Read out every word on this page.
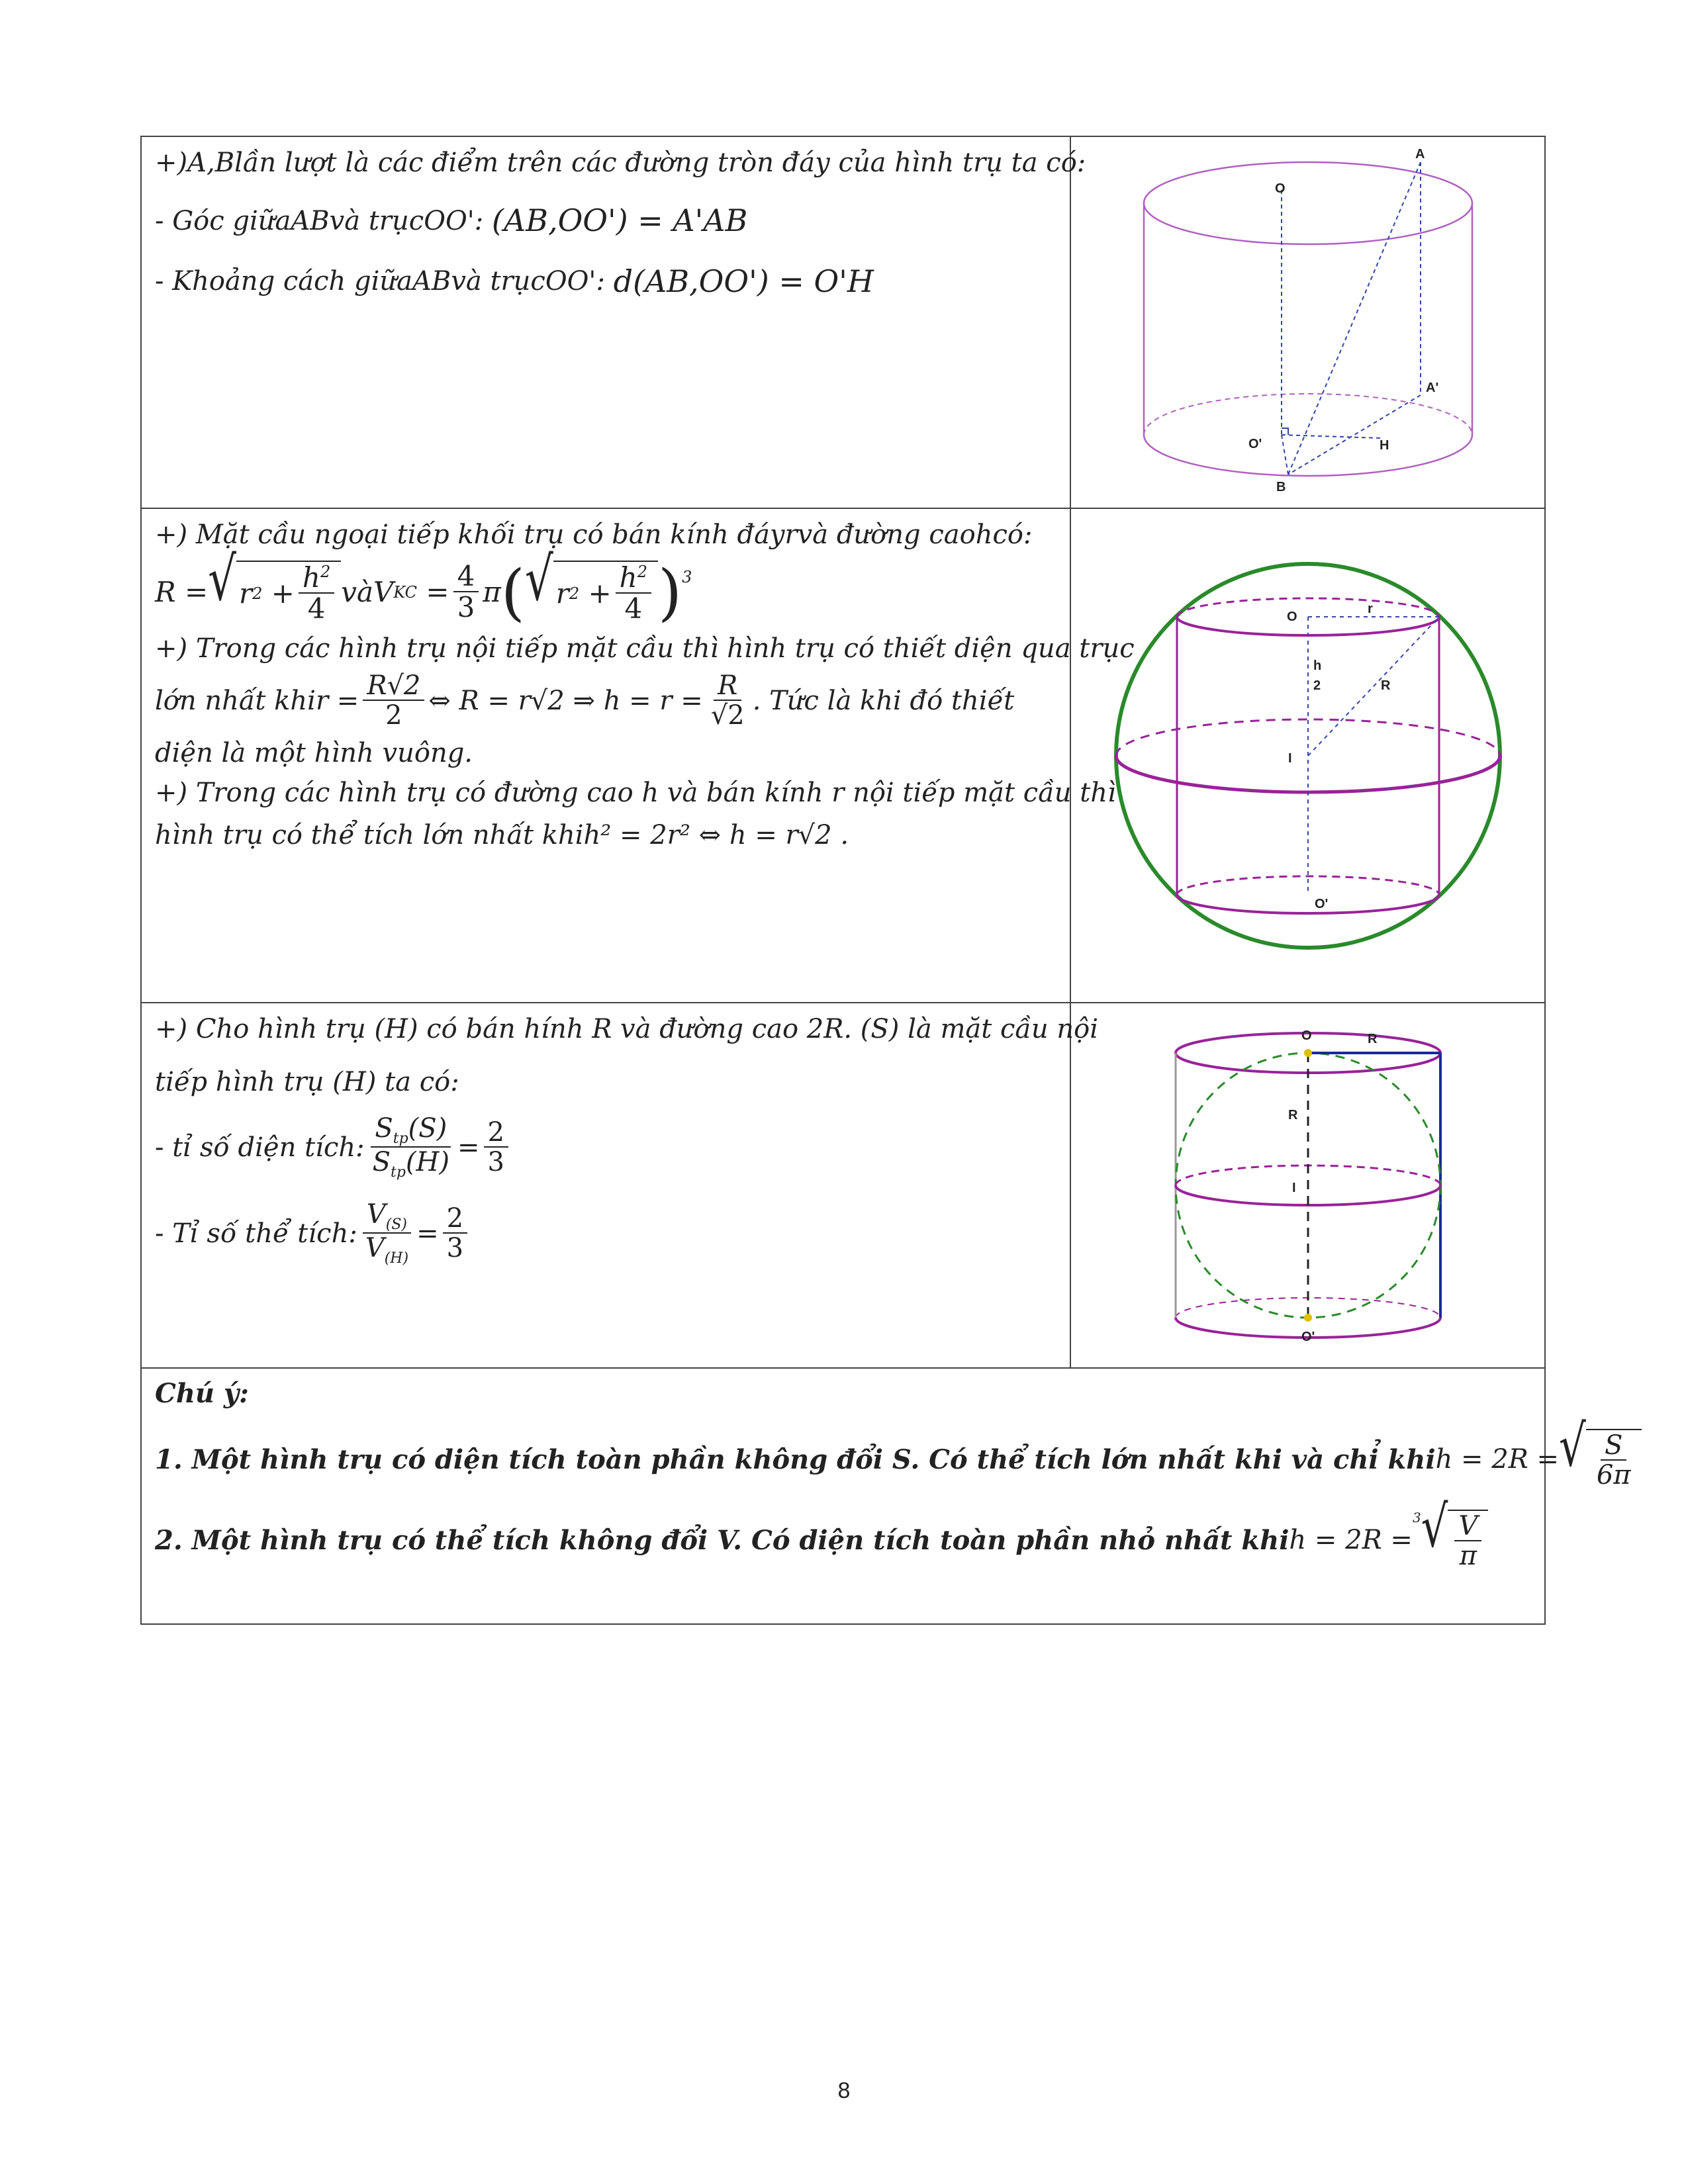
+) A,B lần lượt là các điểm trên các đường tròn đáy của hình trụ ta có:
- Góc giữa AB và trục OO' : (AB,OO') = A'AB
- Khoảng cách giữa AB và trục OO' : d(AB,OO') = O'H
O
A
A'
O'	H
B
+) Mặt cầu ngoại tiếp khối trụ có bán kính đáy r và đường cao h có:
R = √ r $2 + \frac{h^2}{4}$ và V KC = $\frac{4}{3}$ π ( √ r $2 + \frac{h^2}{4} )^3$
+) Trong các hình trụ nội tiếp mặt cầu thì hình trụ có thiết diện qua trục
lớn nhất khi $r = \frac{R√2}{2}$ ⇔ R = r√2 ⇒ $h = r = \frac{R}{√2}$ . Tức là khi đó thiết
diện là một hình vuông.
+) Trong các hình trụ có đường cao h và bán kính r nội tiếp mặt cầu thì
hình trụ có thể tích lớn nhất khi h² = 2r² ⇔ h = r√2 .
O
r
h
2	R
I
O'
+) Cho hình trụ (H) có bán hính R và đường cao 2R. (S) là mặt cầu nội
tiếp hình trụ (H) ta có:
- tỉ số diện tích: $\frac{S_{tp}(S)}{S_{tp}(H)} = \frac{2}{3}$
- Tỉ số thể tích: $\frac{V_{(S)}}{V_{(H)}} = \frac{2}{3}$
O	R
R
I
O'
Chú ý:
1. Một hình trụ có diện tích toàn phần không đổi S. Có thể tích lớn nhất khi và chỉ khi h = 2R = √ $\frac{S}{6\pi}$
2. Một hình trụ có thể tích không đổi V. Có diện tích toàn phần nhỏ nhất khi h = 2R =
3 √ $\frac{V}{\pi}$
8
